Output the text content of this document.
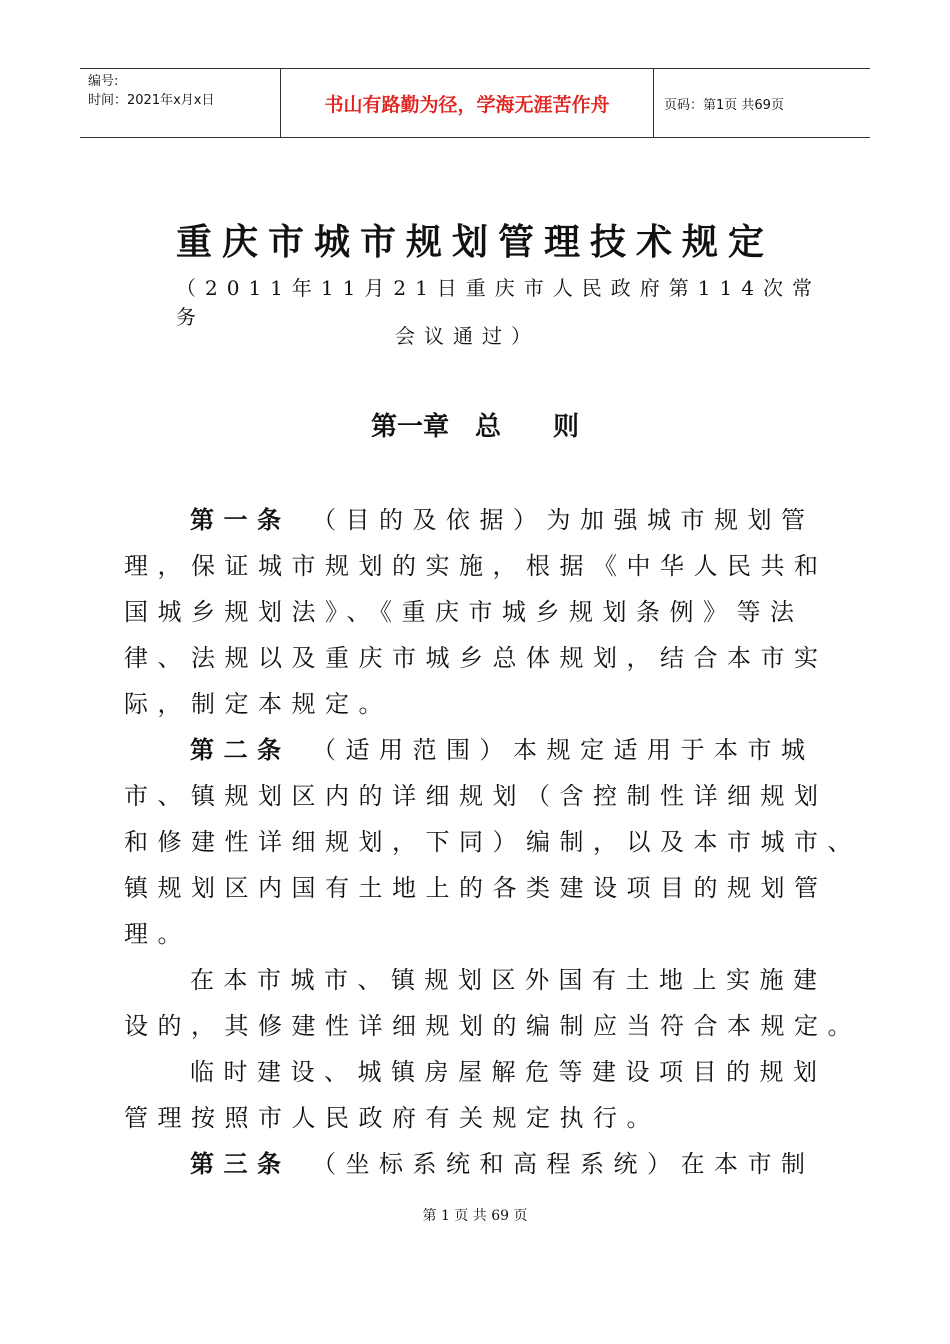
编号:
时间：2021年x月x日	书山有路勤为径，学海无涯苦作舟	页码：第1页 共69页
重庆市城市规划管理技术规定
（2011年11月21日重庆市人民政府第114次常务
会议通过）
第一章　总　　则
第一条　 （目的及依据）为加强城市规划管
理，保证城市规划的实施，根据《中华人民共和
国城乡规划法》、《重庆市城乡规划条例》等法
律、法规以及重庆市城乡总体规划，结合本市实
际，制定本规定。
第二条　 （适用范围）本规定适用于本市城
市、镇规划区内的详细规划（含控制性详细规划
和修建性详细规划，下同）编制，以及本市城市、
镇规划区内国有土地上的各类建设项目的规划管
理。
在本市城市、镇规划区外国有土地上实施建
设的，其修建性详细规划的编制应当符合本规定。
临时建设、城镇房屋解危等建设项目的规划
管理按照市人民政府有关规定执行。
第三条　 （坐标系统和高程系统）在本市制
第 1 页 共 69 页
